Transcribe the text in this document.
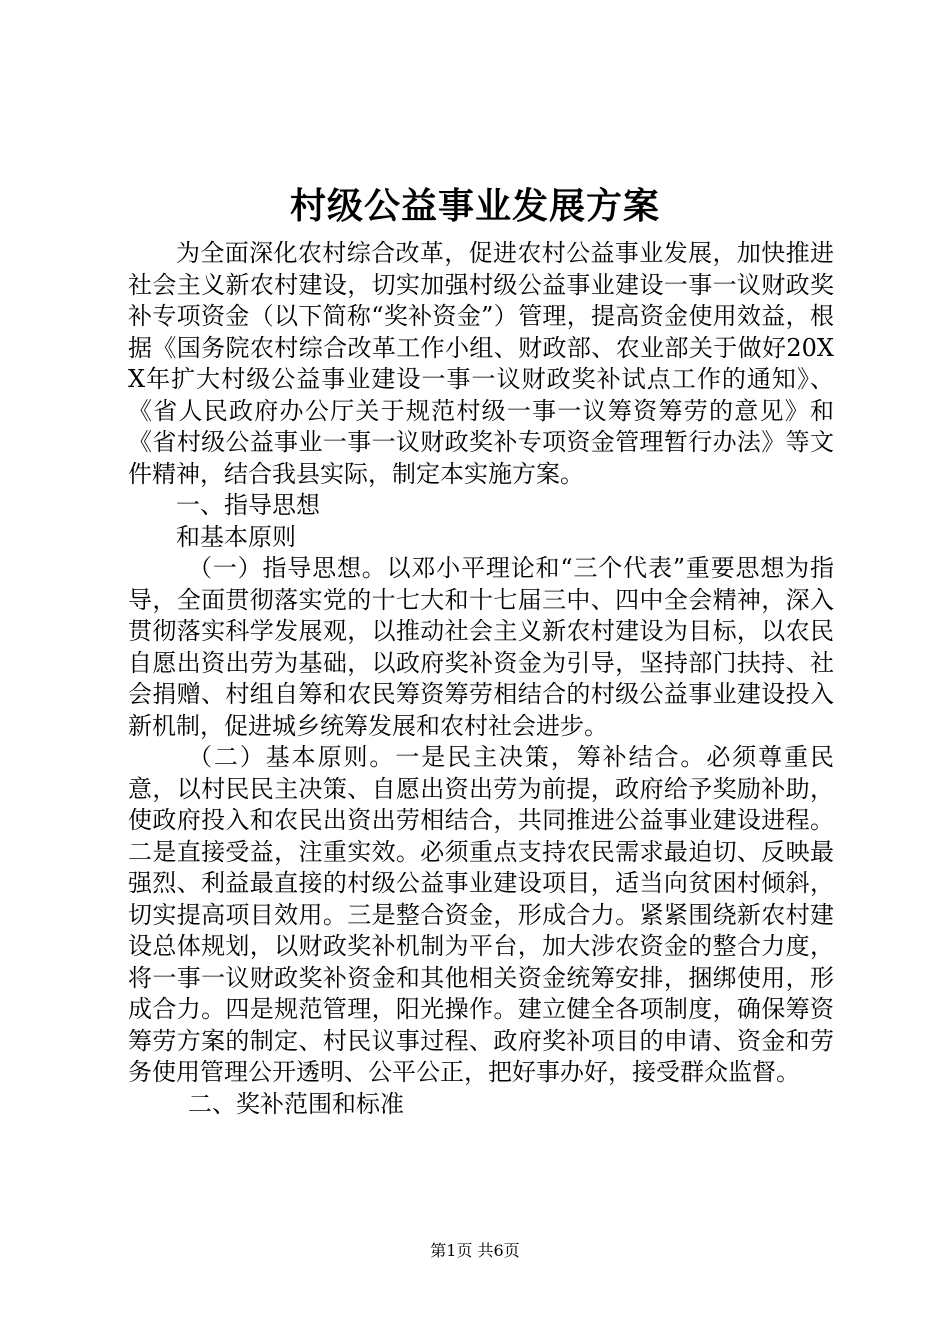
村级公益事业发展方案

为全面深化农村综合改革，促进农村公益事业发展，加快推进社会主义新农村建设，切实加强村级公益事业建设一事一议财政奖补专项资金（以下简称“奖补资金”）管理，提高资金使用效益，根据《国务院农村综合改革工作小组、财政部、农业部关于做好20XX年扩大村级公益事业建设一事一议财政奖补试点工作的通知》、《省人民政府办公厅关于规范村级一事一议筹资筹劳的意见》和《省村级公益事业一事一议财政奖补专项资金管理暂行办法》等文件精神，结合我县实际，制定本实施方案。

一、指导思想

和基本原则

（一）指导思想。以邓小平理论和“三个代表”重要思想为指导，全面贯彻落实党的十七大和十七届三中、四中全会精神，深入贯彻落实科学发展观，以推动社会主义新农村建设为目标，以农民自愿出资出劳为基础，以政府奖补资金为引导，坚持部门扶持、社会捐赠、村组自筹和农民筹资筹劳相结合的村级公益事业建设投入新机制，促进城乡统筹发展和农村社会进步。

（二）基本原则。一是民主决策，筹补结合。必须尊重民意，以村民民主决策、自愿出资出劳为前提，政府给予奖励补助，使政府投入和农民出资出劳相结合，共同推进公益事业建设进程。二是直接受益，注重实效。必须重点支持农民需求最迫切、反映最强烈、利益最直接的村级公益事业建设项目，适当向贫困村倾斜，切实提高项目效用。三是整合资金，形成合力。紧紧围绕新农村建设总体规划，以财政奖补机制为平台，加大涉农资金的整合力度，将一事一议财政奖补资金和其他相关资金统筹安排，捆绑使用，形成合力。四是规范管理，阳光操作。建立健全各项制度，确保筹资筹劳方案的制定、村民议事过程、政府奖补项目的申请、资金和劳务使用管理公开透明、公平公正，把好事办好，接受群众监督。

二、奖补范围和标准

第1页 共6页
